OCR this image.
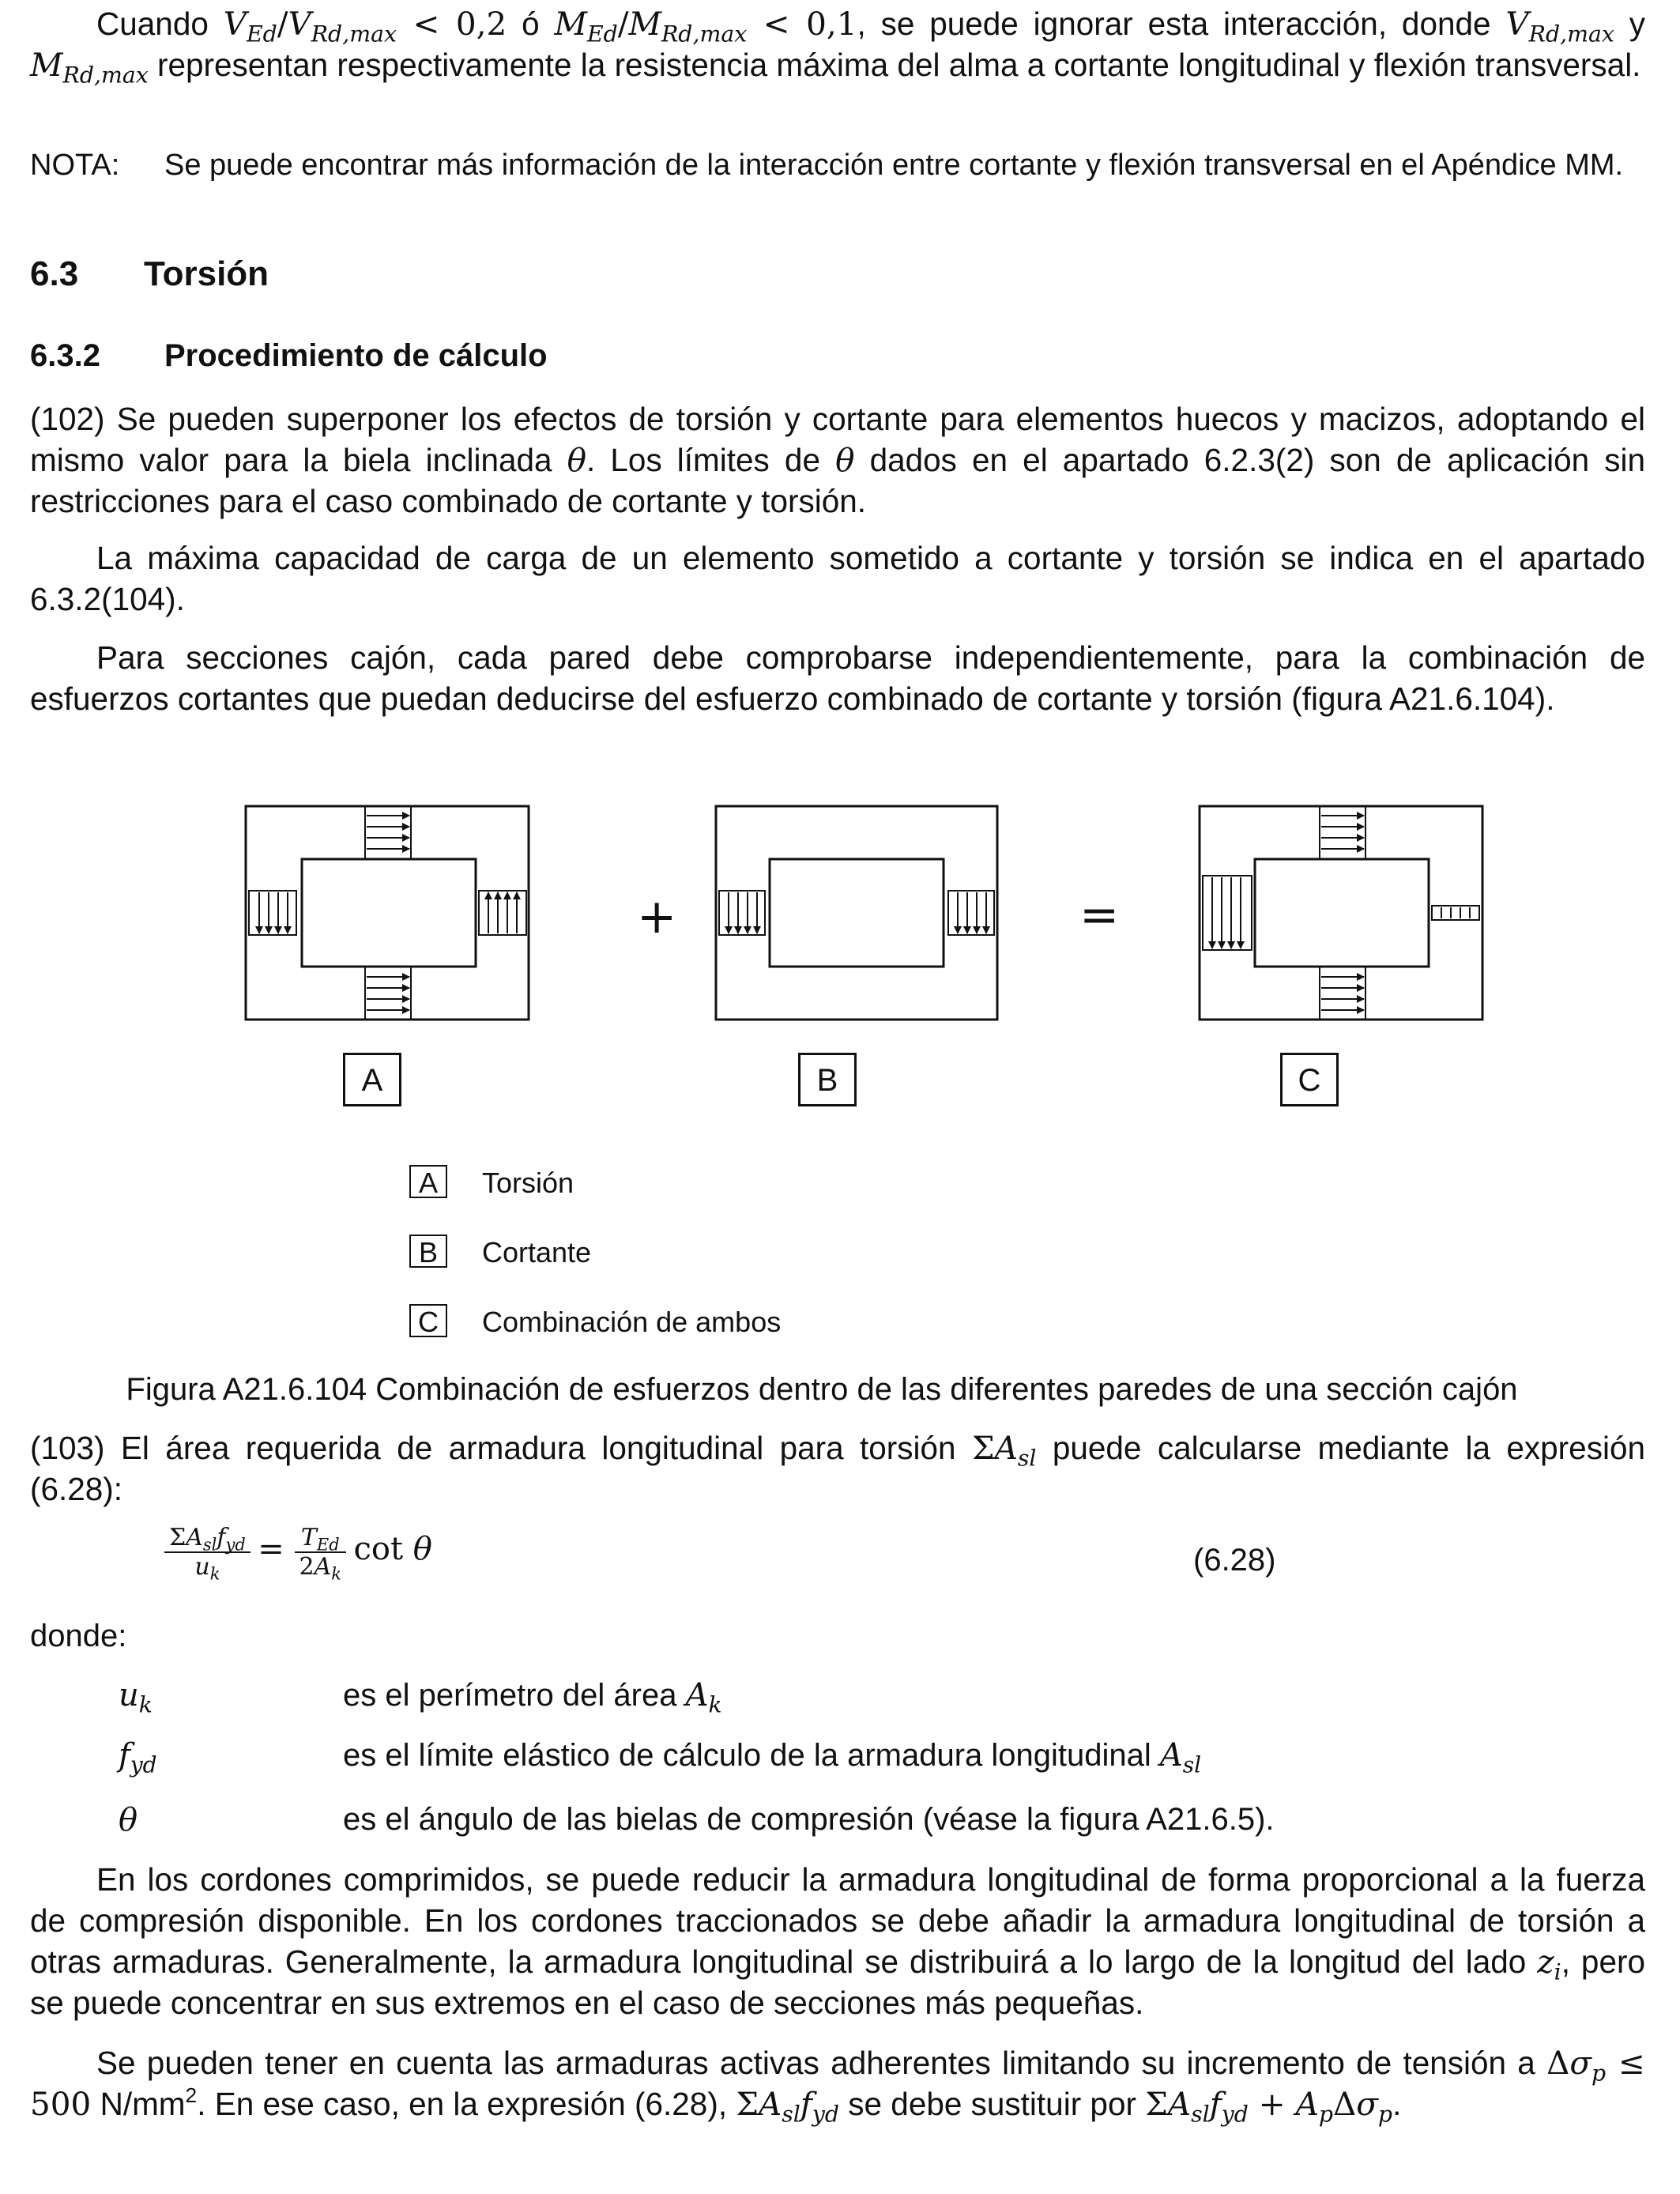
Cuando $V_{Ed}/V_{Rd,max} < 0,2$ ó $M_{Ed}/M_{Rd,max} < 0,1$, se puede ignorar esta interacción, donde $V_{Rd,max}$ y $M_{Rd,max}$ representan respectivamente la resistencia máxima del alma a cortante longitudinal y flexión transversal.

NOTA: Se puede encontrar más información de la interacción entre cortante y flexión transversal en el Apéndice MM.
6.3 Torsión
6.3.2 Procedimiento de cálculo

(102) Se pueden superponer los efectos de torsión y cortante para elementos huecos y macizos, adoptando el mismo valor para la biela inclinada θ. Los límites de θ dados en el apartado 6.2.3(2) son de aplicación sin restricciones para el caso combinado de cortante y torsión.

La máxima capacidad de carga de un elemento sometido a cortante y torsión se indica en el apartado 6.3.2(104).

Para secciones cajón, cada pared debe comprobarse independientemente, para la combinación de esfuerzos cortantes que puedan deducirse del esfuerzo combinado de cortante y torsión (figura A21.6.104).

+	=
A	B	C
A	Torsión
B	Cortante
C	Combinación de ambos
Figura A21.6.104 Combinación de esfuerzos dentro de las diferentes paredes de una sección cajón

(103) El área requerida de armadura longitudinal para torsión $\Sigma A_{sl}$ puede calcularse mediante la expresión (6.28):

$\frac{\Sigma A_{sl}f_{yd}}{u_k} = \frac{T_{Ed}}{2A_k}$ cot θ	(6.28)
donde:
$u_k$	es el perímetro del área $A_k$
$f_{yd}$	es el límite elástico de cálculo de la armadura longitudinal $A_{sl}$
θ	es el ángulo de las bielas de compresión (véase la figura A21.6.5).

En los cordones comprimidos, se puede reducir la armadura longitudinal de forma proporcional a la fuerza de compresión disponible. En los cordones traccionados se debe añadir la armadura longitudinal de torsión a otras armaduras. Generalmente, la armadura longitudinal se distribuirá a lo largo de la longitud del lado $z_i$, pero se puede concentrar en sus extremos en el caso de secciones más pequeñas.

Se pueden tener en cuenta las armaduras activas adherentes limitando su incremento de tensión a $\Delta\sigma_p \le 500$ $N/mm^2$. En ese caso, en la expresión (6.28), $\Sigma A_{sl}f_{yd}$ se debe sustituir por $\Sigma A_{sl}f_{yd} + A_p\Delta\sigma_p$.
